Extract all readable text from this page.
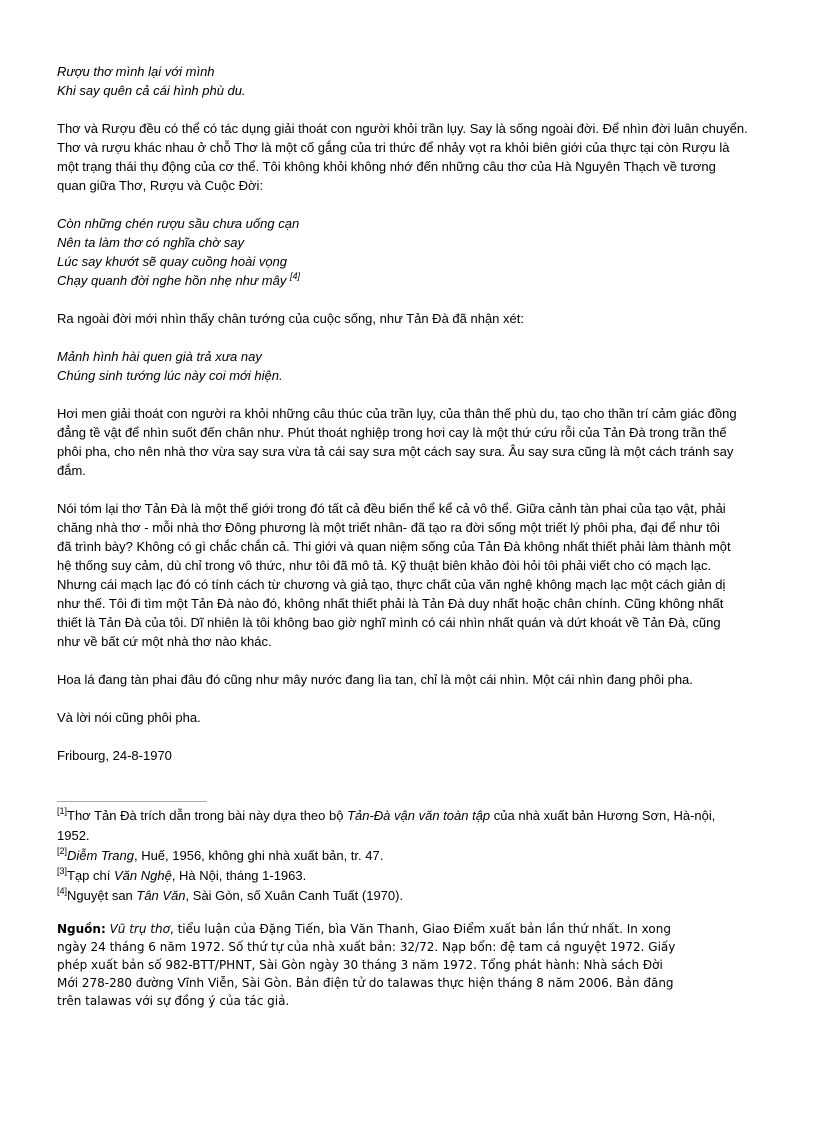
Rượu thơ mình lại với mình
Khi say quên cả cái hình phù du.
Thơ và Rượu đều có thể có tác dụng giải thoát con người khỏi trần lụy. Say là sống ngoài đời. Để nhìn đời luân chuyển.
Thơ và rượu khác nhau ở chỗ Thơ là một cố gắng của tri thức để nhảy vọt ra khỏi biên giới của thực tại còn Rượu là
một trạng thái thụ động của cơ thể. Tôi không khỏi không nhớ đến những câu thơ của Hà Nguyên Thạch về tương
quan giữa Thơ, Rượu và Cuộc Đời:
Còn những chén rượu sầu chưa uống cạn
Nên ta làm thơ có nghĩa chờ say
Lúc say khướt sẽ quay cuồng hoài vọng
Chạy quanh đời nghe hồn nhẹ như mây [4]
Ra ngoài đời mới nhìn thấy chân tướng của cuộc sống, như Tản Đà đã nhận xét:
Mảnh hình hài quen già trả xưa nay
Chúng sinh tướng lúc này coi mới hiện.
Hơi men giải thoát con người ra khỏi những câu thúc của trần lụy, của thân thế phù du, tạo cho thần trí cảm giác đồng
đẳng tề vật để nhìn suốt đến chân như. Phút thoát nghiệp trong hơi cay là một thứ cứu rỗi của Tản Đà trong trần thế
phôi pha, cho nên nhà thơ vừa say sưa vừa tả cái say sưa một cách say sưa. Âu say sưa cũng là một cách tránh say
đắm.
Nói tóm lại thơ Tản Đà là một thế giới trong đó tất cả đều biến thể kể cả vô thể. Giữa cảnh tàn phai của tạo vật, phải
chăng nhà thơ - mỗi nhà thơ Đông phương là một triết nhân- đã tạo ra đời sống một triết lý phôi pha, đại để như tôi
đã trình bày? Không có gì chắc chắn cả. Thi giới và quan niệm sống của Tản Đà không nhất thiết phải làm thành một
hệ thống suy cảm, dù chỉ trong vô thức, như tôi đã mô tả. Kỹ thuật biên khảo đòi hỏi tôi phải viết cho có mạch lạc.
Nhưng cái mạch lạc đó có tính cách từ chương và giả tạo, thực chất của văn nghệ không mạch lạc một cách giản dị
như thế. Tôi đi tìm một Tản Đà nào đó, không nhất thiết phải là Tản Đà duy nhất hoặc chân chính. Cũng không nhất
thiết là Tản Đà của tôi. Dĩ nhiên là tôi không bao giờ nghĩ mình có cái nhìn nhất quán và dứt khoát về Tản Đà, cũng
như về bất cứ một nhà thơ nào khác.
Hoa lá đang tàn phai đâu đó cũng như mây nước đang lìa tan, chỉ là một cái nhìn. Một cái nhìn đang phôi pha.
Và lời nói cũng phôi pha.
Fribourg, 24-8-1970
[1]Thơ Tản Đà trích dẫn trong bài này dựa theo bộ Tản-Đà vận văn toàn tập của nhà xuất bản Hương Sơn, Hà-nội,
1952.
[2]Diễm Trang, Huế, 1956, không ghi nhà xuất bản, tr. 47.
[3]Tạp chí Văn Nghệ, Hà Nội, tháng 1-1963.
[4]Nguyệt san Tân Văn, Sài Gòn, số Xuân Canh Tuất (1970).
Nguồn: Vũ trụ thơ, tiểu luận của Đặng Tiến, bìa Văn Thanh, Giao Điểm xuất bản lần thứ nhất. In xong
ngày 24 tháng 6 năm 1972. Số thứ tự của nhà xuất bản: 32/72. Nạp bổn: đệ tam cá nguyệt 1972. Giấy
phép xuất bản số 982-BTT/PHNT, Sài Gòn ngày 30 tháng 3 năm 1972. Tổng phát hành: Nhà sách Đời
Mới 278-280 đường Vĩnh Viễn, Sài Gòn. Bản điện tử do talawas thực hiện tháng 8 năm 2006. Bản đăng
trên talawas với sự đồng ý của tác giả.
